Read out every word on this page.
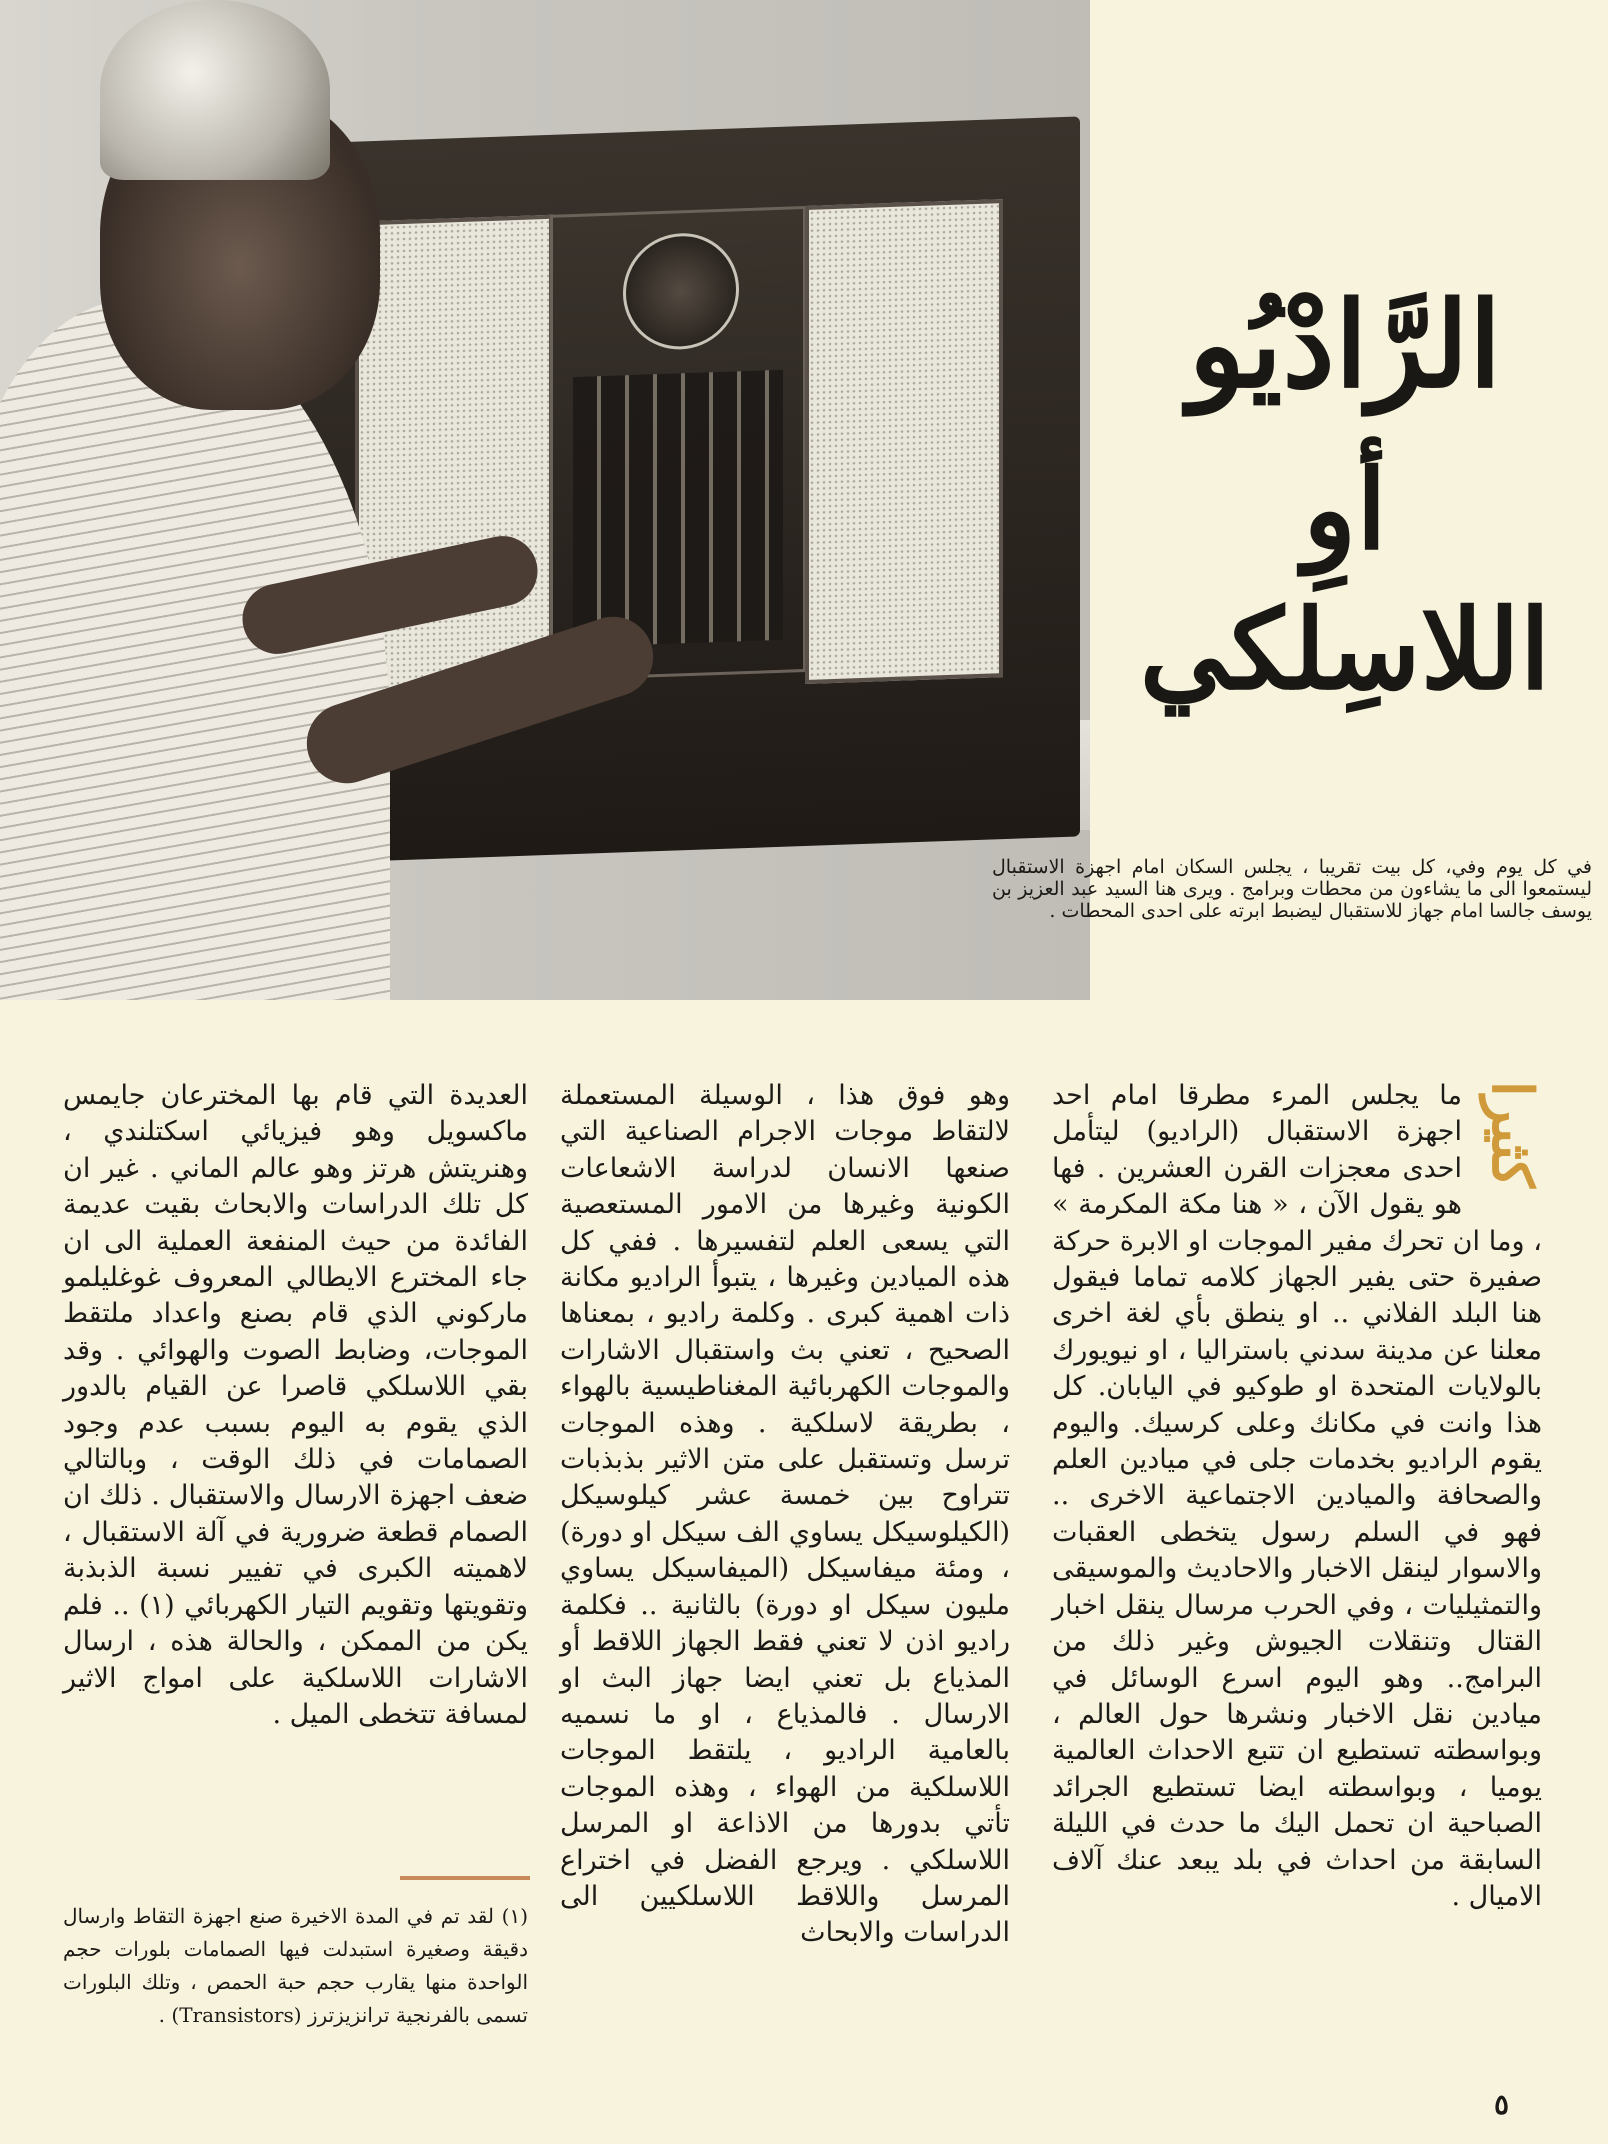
الرَّادْيُو
أوِ اللاسِلكي

في كل يوم وفي، كل بيت تقريبا ، يجلس السكان امام اجهزة الاستقبال ليستمعوا الى ما يشاءون من محطات وبرامج . ويرى هنا السيد عبد العزيز بن يوسف جالسا امام جهاز للاستقبال ليضبط ابرته على احدى المحطات .

كثيرا

ما يجلس المرء مطرقا امام احد اجهزة الاستقبال (الراديو) ليتأمل احدى معجزات القرن العشرين . فها هو يقول الآن ، « هنا مكة المكرمة » ، وما ان تحرك مفير الموجات او الابرة حركة صفيرة حتى يفير الجهاز كلامه تماما فيقول هنا البلد الفلاني .. او ينطق بأي لغة اخرى معلنا عن مدينة سدني باستراليا ، او نيويورك بالولايات المتحدة او طوكيو في اليابان. كل هذا وانت في مكانك وعلى كرسيك. واليوم يقوم الراديو بخدمات جلى في ميادين العلم والصحافة والميادين الاجتماعية الاخرى .. فهو في السلم رسول يتخطى العقبات والاسوار لينقل الاخبار والاحاديث والموسيقى والتمثيليات ، وفي الحرب مرسال ينقل اخبار القتال وتنقلات الجيوش وغير ذلك من البرامج.. وهو اليوم اسرع الوسائل في ميادين نقل الاخبار ونشرها حول العالم ، وبواسطته تستطيع ان تتبع الاحداث العالمية يوميا ، وبواسطته ايضا تستطيع الجرائد الصباحية ان تحمل اليك ما حدث في الليلة السابقة من احداث في بلد يبعد عنك آلاف الاميال .

وهو فوق هذا ، الوسيلة المستعملة لالتقاط موجات الاجرام الصناعية التي صنعها الانسان لدراسة الاشعاعات الكونية وغيرها من الامور المستعصية التي يسعى العلم لتفسيرها . ففي كل هذه الميادين وغيرها ، يتبوأ الراديو مكانة ذات اهمية كبرى . وكلمة راديو ، بمعناها الصحيح ، تعني بث واستقبال الاشارات والموجات الكهربائية المغناطيسية بالهواء ، بطريقة لاسلكية . وهذه الموجات ترسل وتستقبل على متن الاثير بذبذبات تتراوح بين خمسة عشر كيلوسيكل (الكيلوسيكل يساوي الف سيكل او دورة) ، ومئة ميفاسيكل (الميفاسيكل يساوي مليون سيكل او دورة) بالثانية .. فكلمة راديو اذن لا تعني فقط الجهاز اللاقط أو المذياع بل تعني ايضا جهاز البث او الارسال . فالمذياع ، او ما نسميه بالعامية الراديو ، يلتقط الموجات اللاسلكية من الهواء ، وهذه الموجات تأتي بدورها من الاذاعة او المرسل اللاسلكي . ويرجع الفضل في اختراع المرسل واللاقط اللاسلكيين الى الدراسات والابحاث

العديدة التي قام بها المخترعان جايمس ماكسويل وهو فيزيائي اسكتلندي ، وهنريتش هرتز وهو عالم الماني . غير ان كل تلك الدراسات والابحاث بقيت عديمة الفائدة من حيث المنفعة العملية الى ان جاء المخترع الايطالي المعروف غوغليلمو ماركوني الذي قام بصنع واعداد ملتقط الموجات، وضابط الصوت والهوائي . وقد بقي اللاسلكي قاصرا عن القيام بالدور الذي يقوم به اليوم بسبب عدم وجود الصمامات في ذلك الوقت ، وبالتالي ضعف اجهزة الارسال والاستقبال . ذلك ان الصمام قطعة ضرورية في آلة الاستقبال ، لاهميته الكبرى في تفيير نسبة الذبذبة وتقويتها وتقويم التيار الكهربائي (١) .. فلم يكن من الممكن ، والحالة هذه ، ارسال الاشارات اللاسلكية على امواج الاثير لمسافة تتخطى الميل .

(١) لقد تم في المدة الاخيرة صنع اجهزة التقاط وارسال دقيقة وصغيرة استبدلت فيها الصمامات بلورات حجم الواحدة منها يقارب حجم حبة الحمص ، وتلك البلورات تسمى بالفرنجية ترانزيزترز (Transistors) .

٥
